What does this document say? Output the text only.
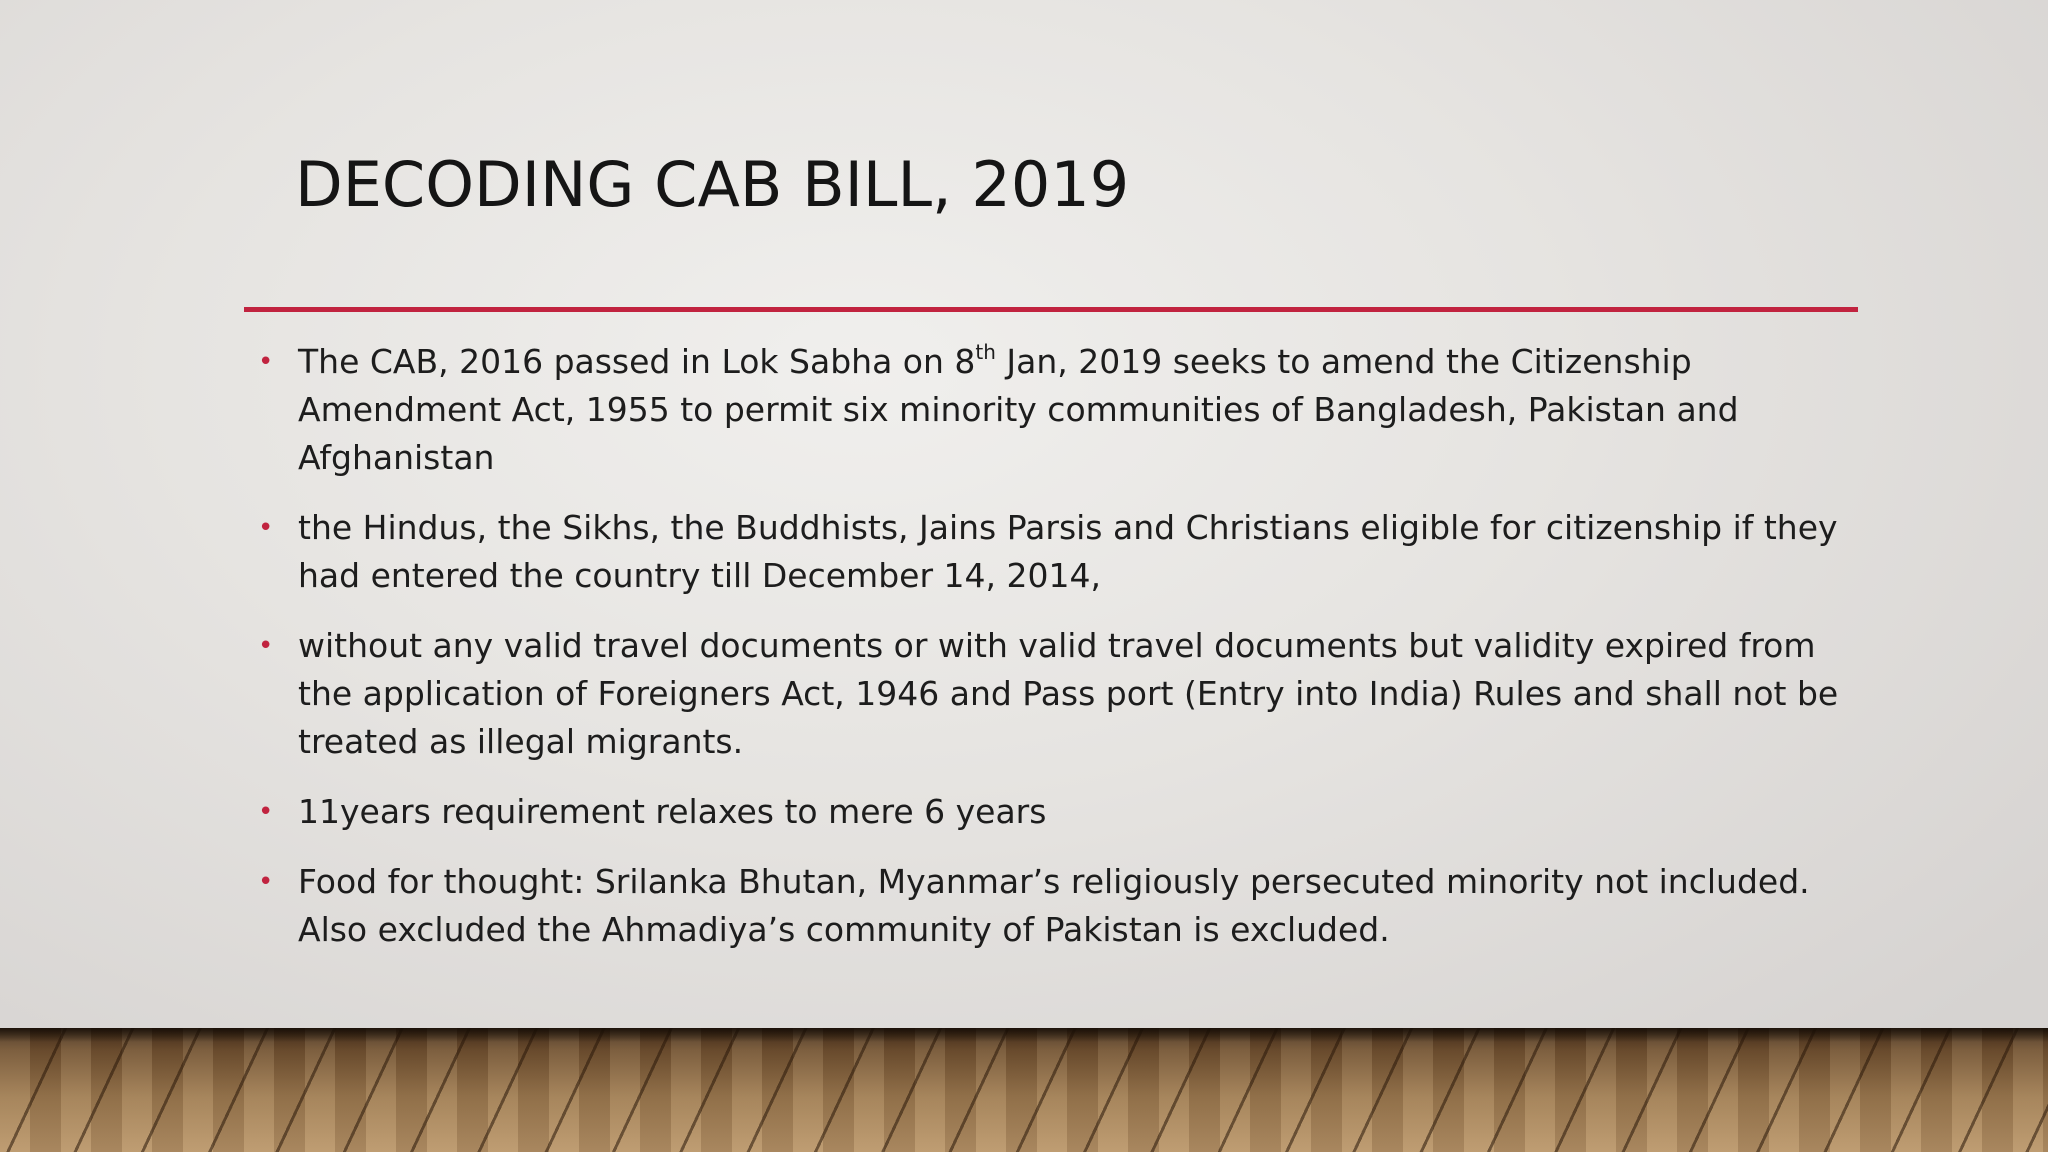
DECODING CAB BILL, 2019
• The CAB, 2016 passed in Lok Sabha on 8th Jan, 2019 seeks to amend the Citizenship Amendment Act, 1955 to permit six minority communities of Bangladesh, Pakistan and Afghanistan
• the Hindus, the Sikhs, the Buddhists, Jains Parsis and Christians eligible for citizenship if they had entered the country till December 14, 2014,
• without any valid travel documents or with valid travel documents but validity expired from the application of Foreigners Act, 1946 and Pass port (Entry into India) Rules and shall not be treated as illegal migrants.
• 11years requirement relaxes to mere 6 years
• Food for thought: Srilanka Bhutan, Myanmar’s religiously persecuted minority not included. Also excluded the Ahmadiya’s community of Pakistan is excluded.
